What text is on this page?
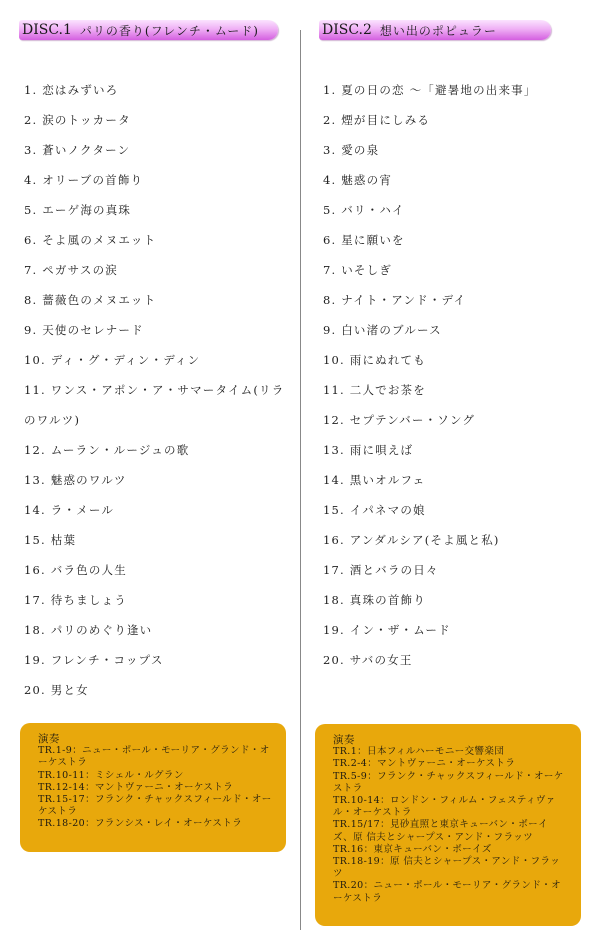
DISC.1 パリの香り(フレンチ・ムード)
1. 恋はみずいろ
2. 涙のトッカータ
3. 蒼いノクターン
4. オリーブの首飾り
5. エーゲ海の真珠
6. そよ風のメヌエット
7. ペガサスの涙
8. 薔薇色のメヌエット
9. 天使のセレナード
10. ディ・グ・ディン・ディン
11. ワンス・アポン・ア・サマータイム(リラのワルツ)
12. ムーラン・ルージュの歌
13. 魅惑のワルツ
14. ラ・メール
15. 枯葉
16. バラ色の人生
17. 待ちましょう
18. パリのめぐり逢い
19. フレンチ・コップス
20. 男と女
演奏
TR.1-9：ニュー・ポール・モーリア・グランド・オーケストラ
TR.10-11：ミシェル・ルグラン
TR.12-14：マントヴァーニ・オーケストラ
TR.15-17：フランク・チャックスフィールド・オーケストラ
TR.18-20：フランシス・レイ・オーケストラ
DISC.2 想い出のポピュラー
1. 夏の日の恋 ～「避暑地の出来事」
2. 煙が目にしみる
3. 愛の泉
4. 魅惑の宵
5. バリ・ハイ
6. 星に願いを
7. いそしぎ
8. ナイト・アンド・デイ
9. 白い渚のブルース
10. 雨にぬれても
11. 二人でお茶を
12. セプテンバー・ソング
13. 雨に唄えば
14. 黒いオルフェ
15. イパネマの娘
16. アンダルシア(そよ風と私)
17. 酒とバラの日々
18. 真珠の首飾り
19. イン・ザ・ムード
20. サバの女王
演奏
TR.1：日本フィルハーモニー交響楽団
TR.2-4：マントヴァーニ・オーケストラ
TR.5-9：フランク・チャックスフィールド・オーケストラ
TR.10-14：ロンドン・フィルム・フェスティヴァル・オーケストラ
TR.15/17：見砂直照と東京キューバン・ボーイズ、原 信夫とシャープス・アンド・フラッツ
TR.16：東京キューバン・ボーイズ
TR.18-19：原 信夫とシャープス・アンド・フラッツ
TR.20：ニュー・ポール・モーリア・グランド・オーケストラ
